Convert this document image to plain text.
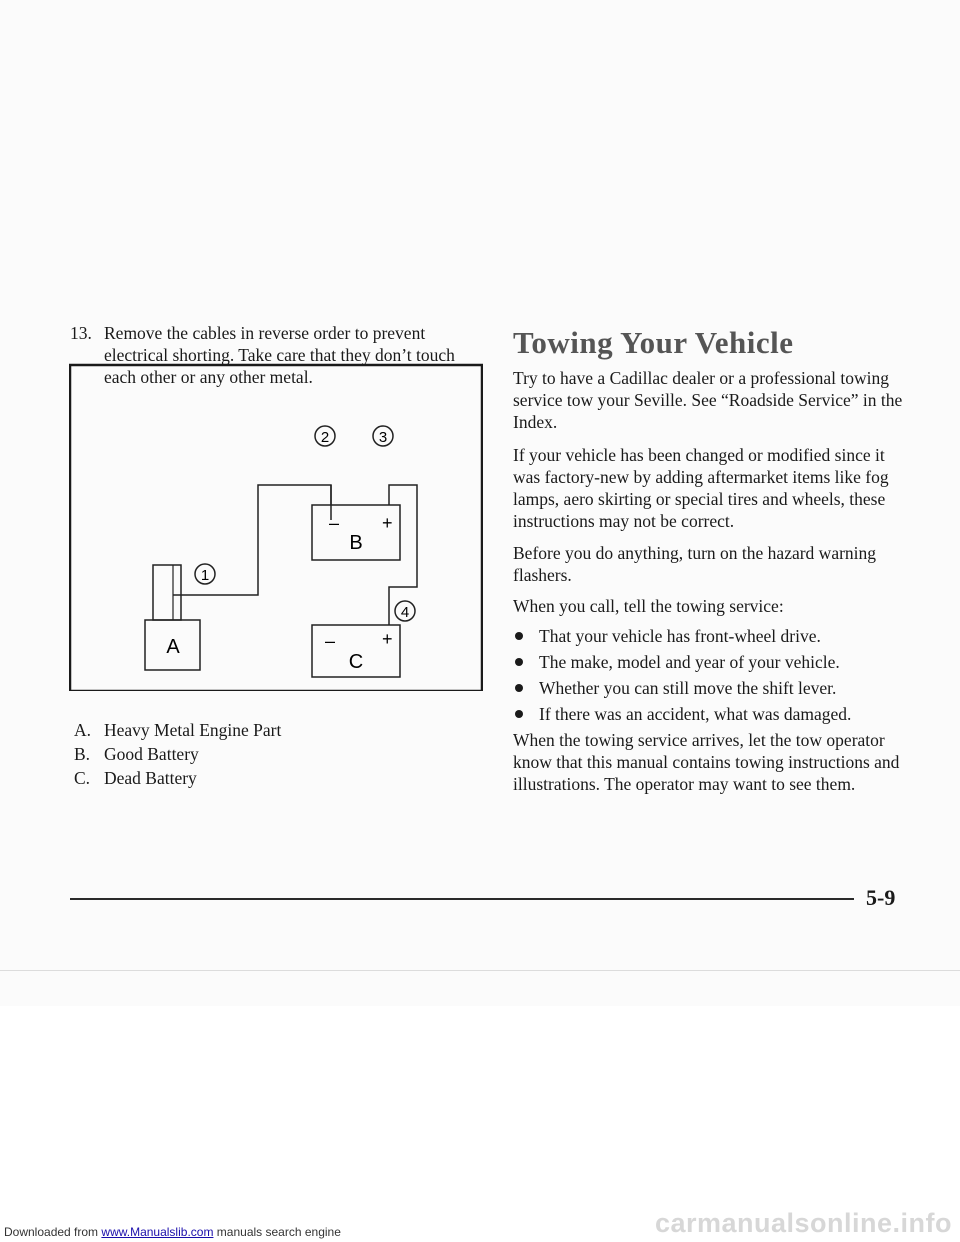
13. Remove the cables in reverse order to prevent electrical shorting. Take care that they don’t touch each other or any other metal.
A
– +
B
–	+
C
2	3
1
4
A. Heavy Metal Engine Part
B. Good Battery
C. Dead Battery
Towing Your Vehicle
Try to have a Cadillac dealer or a professional towing service tow your Seville. See “Roadside Service” in the Index.
If your vehicle has been changed or modified since it was factory-new by adding aftermarket items like fog lamps, aero skirting or special tires and wheels, these instructions may not be correct.
Before you do anything, turn on the hazard warning flashers.
When you call, tell the towing service:
That your vehicle has front-wheel drive.
The make, model and year of your vehicle.
Whether you can still move the shift lever.
If there was an accident, what was damaged.
When the towing service arrives, let the tow operator know that this manual contains towing instructions and illustrations. The operator may want to see them.
5-9
Downloaded from www.Manualslib.com manuals search engine	carmanualsonline.info
